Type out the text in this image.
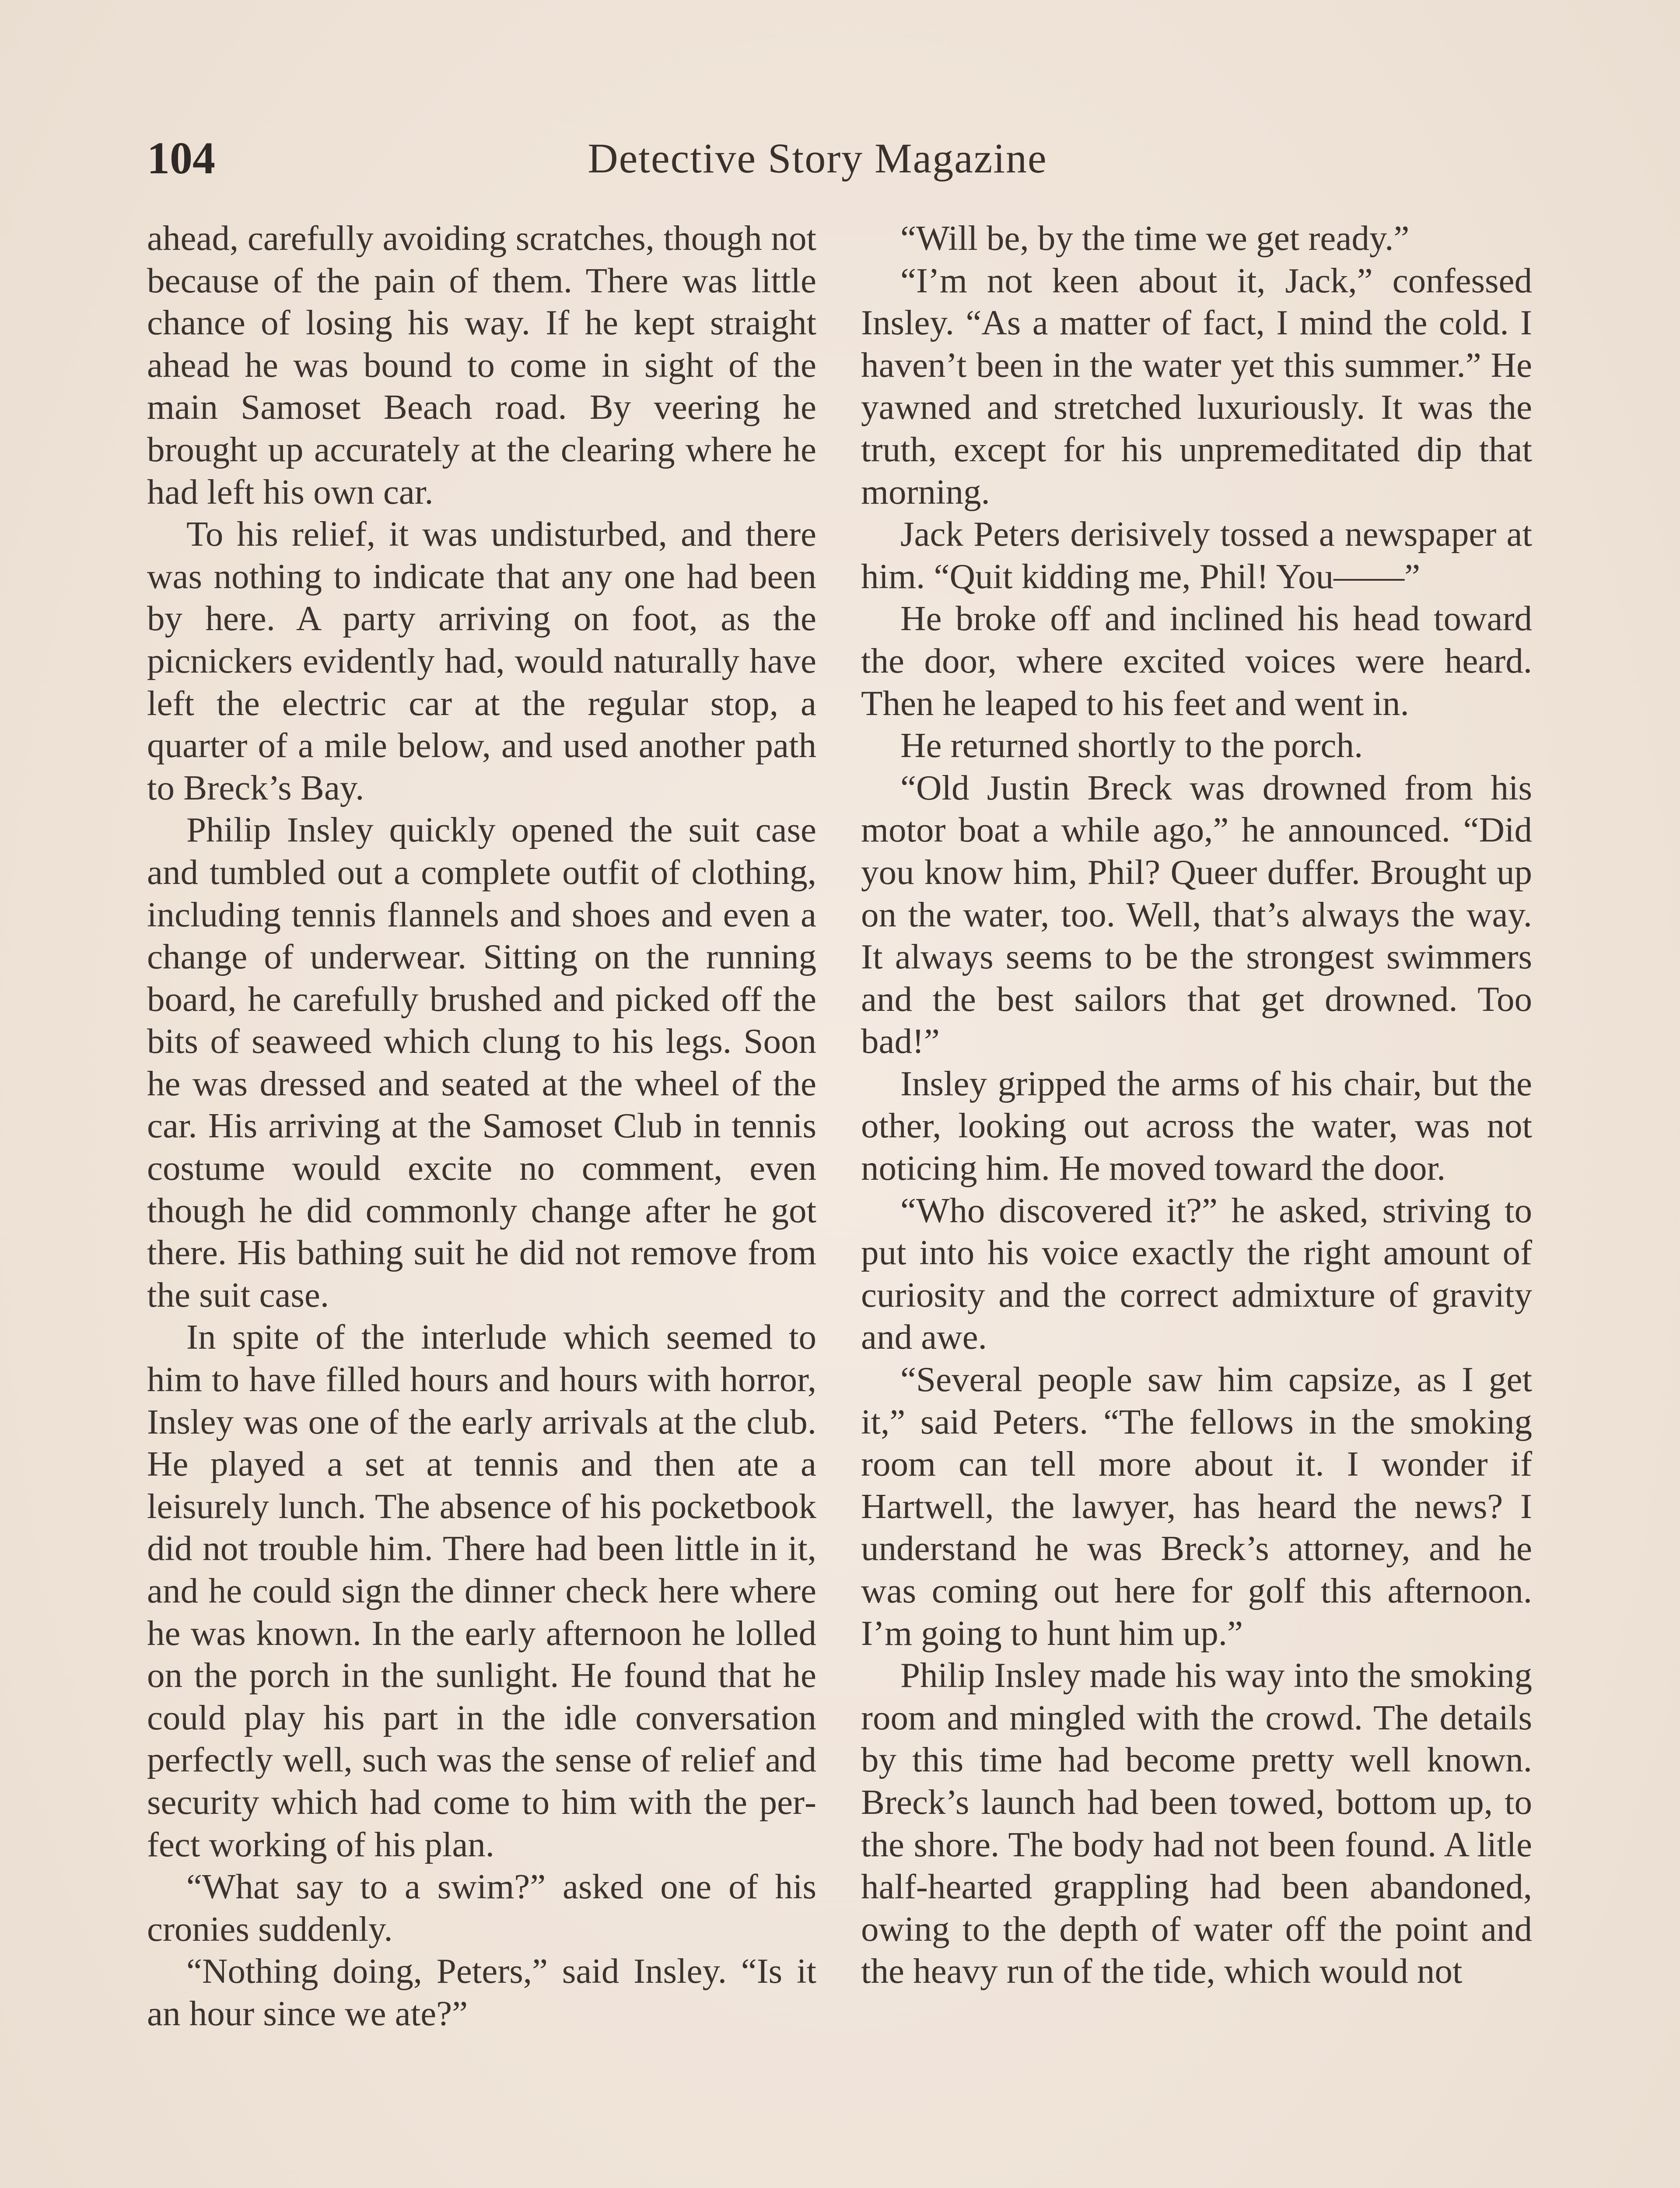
104	Detective Story Magazine

ahead, carefully avoiding scratches, though not because of the pain of them. There was little chance of losing his way. If he kept straight ahead he was bound to come in sight of the main Samoset Beach road. By veering he brought up accurately at the clearing where he had left his own car.

To his relief, it was undisturbed, and there was nothing to indicate that any one had been by here. A party arriving on foot, as the picnickers evidently had, would naturally have left the electric car at the regular stop, a quarter of a mile below, and used another path to Breck’s Bay.

Philip Insley quickly opened the suit case and tumbled out a complete outfit of clothing, including tennis flannels and shoes and even a change of underwear. Sitting on the running board, he carefully brushed and picked off the bits of seaweed which clung to his legs. Soon he was dressed and seated at the wheel of the car. His arriving at the Samoset Club in tennis costume would excite no comment, even though he did commonly change after he got there. His bathing suit he did not remove from the suit case.

In spite of the interlude which seemed to him to have filled hours and hours with horror, Insley was one of the early arrivals at the club. He played a set at tennis and then ate a leisurely lunch. The absence of his pocketbook did not trouble him. There had been little in it, and he could sign the dinner check here where he was known. In the early afternoon he lolled on the porch in the sunlight. He found that he could play his part in the idle conversation perfectly well, such was the sense of relief and security which had come to him with the perfect working of his plan.

“What say to a swim?” asked one of his cronies suddenly.

“Nothing doing, Peters,” said Insley. “Is it an hour since we ate?”

“Will be, by the time we get ready.”

“I’m not keen about it, Jack,” confessed Insley. “As a matter of fact, I mind the cold. I haven’t been in the water yet this summer.” He yawned and stretched luxuriously. It was the truth, except for his unpremeditated dip that morning.

Jack Peters derisively tossed a newspaper at him. “Quit kidding me, Phil! You——”

He broke off and inclined his head toward the door, where excited voices were heard. Then he leaped to his feet and went in.

He returned shortly to the porch.

“Old Justin Breck was drowned from his motor boat a while ago,” he announced. “Did you know him, Phil? Queer duffer. Brought up on the water, too. Well, that’s always the way. It always seems to be the strongest swimmers and the best sailors that get drowned. Too bad!”

Insley gripped the arms of his chair, but the other, looking out across the water, was not noticing him. He moved toward the door.

“Who discovered it?” he asked, striving to put into his voice exactly the right amount of curiosity and the correct admixture of gravity and awe.

“Several people saw him capsize, as I get it,” said Peters. “The fellows in the smoking room can tell more about it. I wonder if Hartwell, the lawyer, has heard the news? I understand he was Breck’s attorney, and he was coming out here for golf this afternoon. I’m going to hunt him up.”

Philip Insley made his way into the smoking room and mingled with the crowd. The details by this time had become pretty well known. Breck’s launch had been towed, bottom up, to the shore. The body had not been found. A litle half-hearted grappling had been abandoned, owing to the depth of water off the point and the heavy run of the tide, which would not
